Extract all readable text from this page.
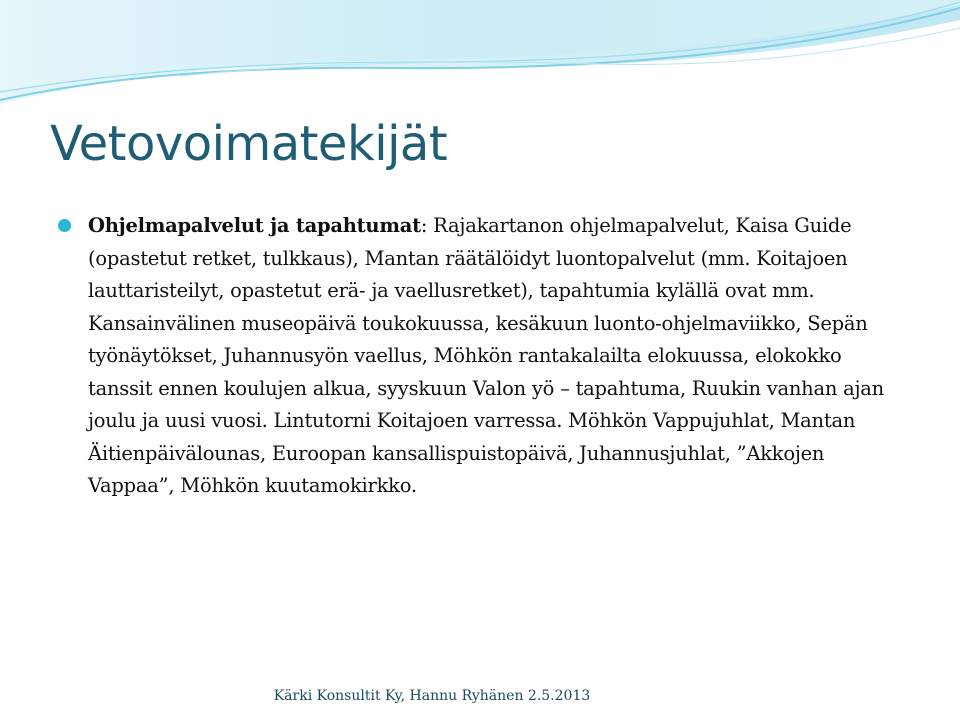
Vetovoimatekijät
Ohjelmapalvelut ja tapahtumat: Rajakartanon ohjelmapalvelut, Kaisa Guide (opastetut retket, tulkkaus), Mantan räätälöidyt luontopalvelut (mm. Koitajoen lauttaristeilyt, opastetut erä- ja vaellusretket), tapahtumia kylällä ovat mm. Kansainvälinen museopäivä toukokuussa, kesäkuun luonto-ohjelmaviikko, Sepän työnäytökset, Juhannusyön vaellus, Möhkön rantakalailta elokuussa, elokokko tanssit ennen koulujen alkua, syyskuun Valon yö – tapahtuma, Ruukin vanhan ajan joulu ja uusi vuosi. Lintutorni Koitajoen varressa. Möhkön Vappujuhlat, Mantan Äitienpäivälounas, Euroopan kansallispuistopäivä, Juhannusjuhlat, ”Akkojen Vappaa”, Möhkön kuutamokirkko.
Kärki Konsultit Ky, Hannu Ryhänen 2.5.2013
